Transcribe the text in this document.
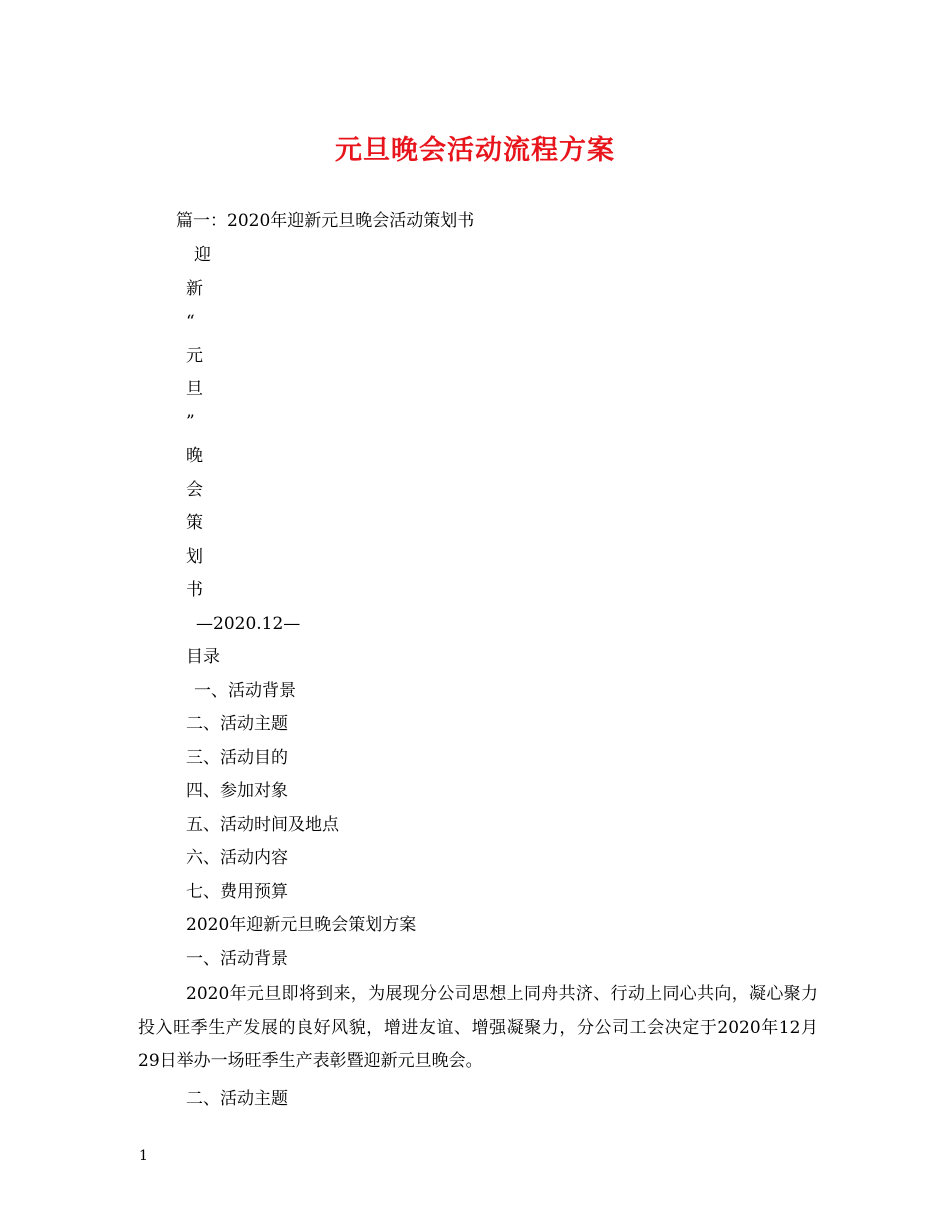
元旦晚会活动流程方案
篇一：2020年迎新元旦晚会活动策划书
迎
新
“
元
旦
”
晚
会
策
划
书
—2020.12—
目录
一、活动背景
二、活动主题
三、活动目的
四、参加对象
五、活动时间及地点
六、活动内容
七、费用预算
2020年迎新元旦晚会策划方案
一、活动背景
2020年元旦即将到来，为展现分公司思想上同舟共济、行动上同心共向，凝心聚力投入旺季生产发展的良好风貌，增进友谊、增强凝聚力，分公司工会决定于2020年12月29日举办一场旺季生产表彰暨迎新元旦晚会。
二、活动主题
1
